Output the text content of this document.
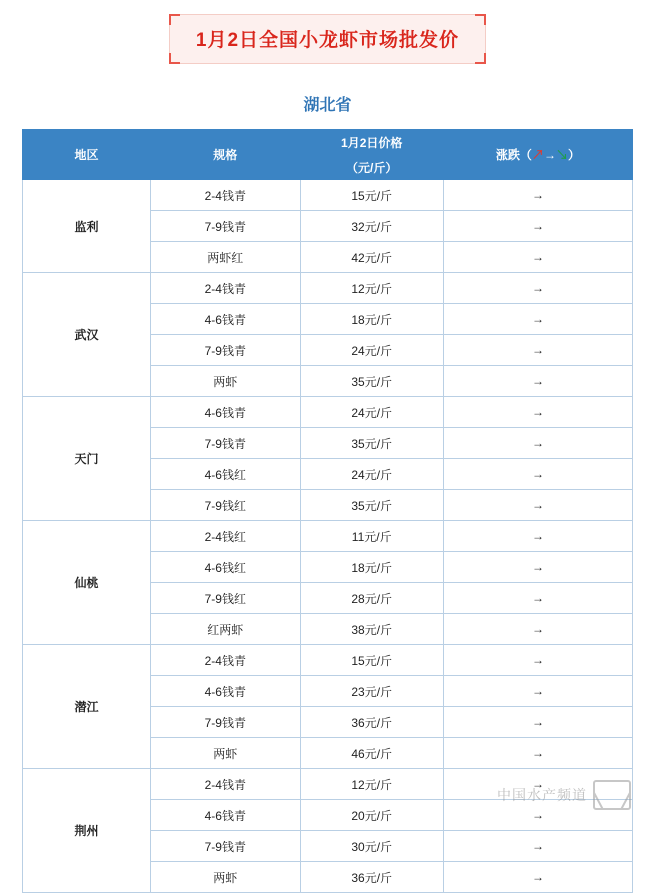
1月2日全国小龙虾市场批发价
湖北省
地区	规格	1月2日价格	涨跌（↗→↘）
		（元/斤）	
监利	2-4钱青	15元/斤	→
	7-9钱青	32元/斤	→
	两虾红	42元/斤	→
武汉	2-4钱青	12元/斤	→
	4-6钱青	18元/斤	→
	7-9钱青	24元/斤	→
	两虾	35元/斤	→
天门	4-6钱青	24元/斤	→
	7-9钱青	35元/斤	→
	4-6钱红	24元/斤	→
	7-9钱红	35元/斤	→
仙桃	2-4钱红	11元/斤	→
	4-6钱红	18元/斤	→
	7-9钱红	28元/斤	→
	红两虾	38元/斤	→
潜江	2-4钱青	15元/斤	→
	4-6钱青	23元/斤	→
	7-9钱青	36元/斤	→
	两虾	46元/斤	→
荆州	2-4钱青	12元/斤	→
	4-6钱青	20元/斤	→
	7-9钱青	30元/斤	→
	两虾	36元/斤	→
中国水产频道
